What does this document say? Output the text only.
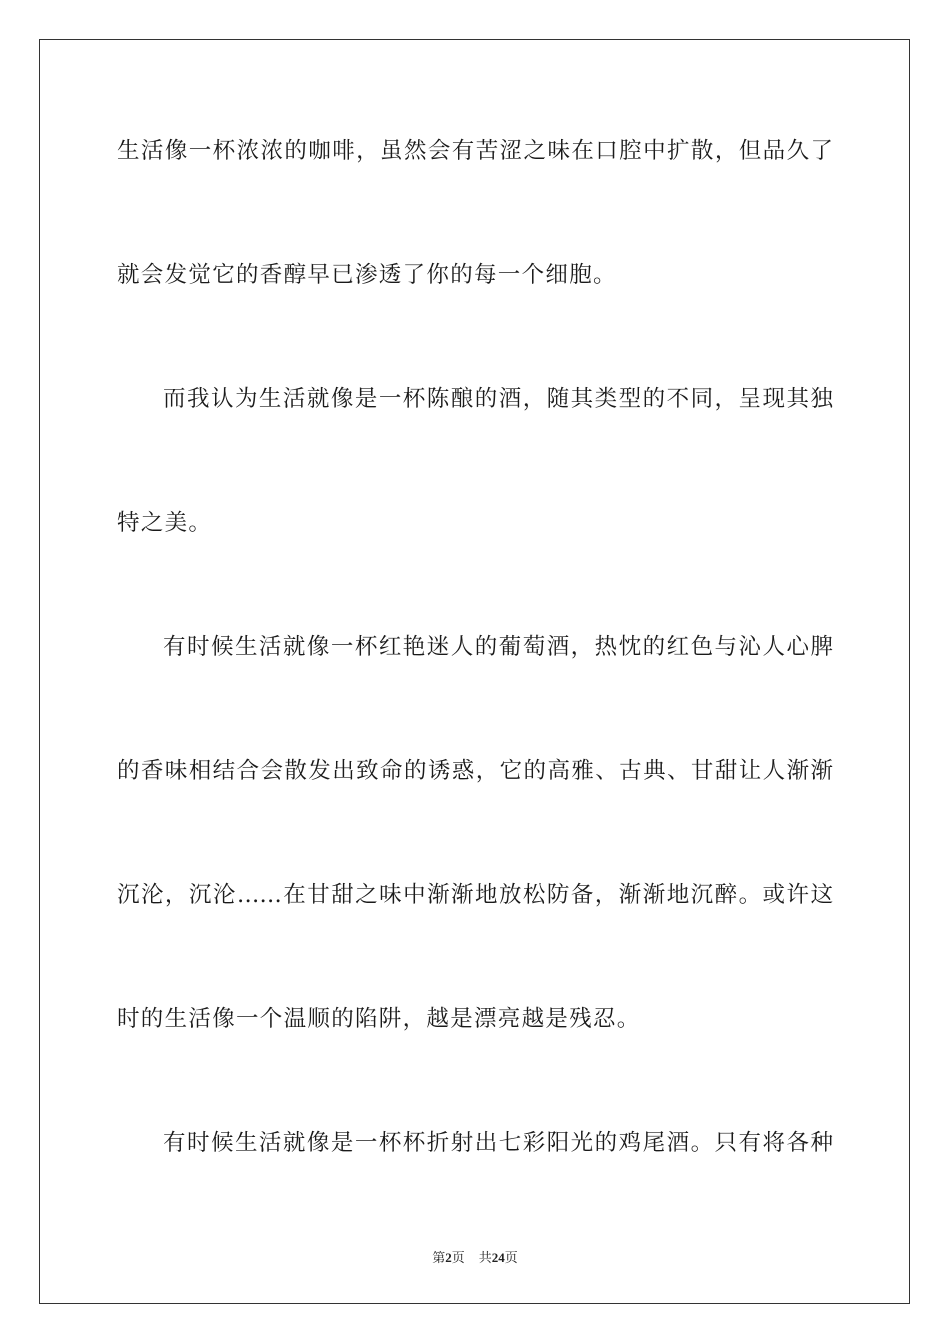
生活像一杯浓浓的咖啡，虽然会有苦涩之味在口腔中扩散，但品久了

就会发觉它的香醇早已渗透了你的每一个细胞。

而我认为生活就像是一杯陈酿的酒，随其类型的不同，呈现其独

特之美。

有时候生活就像一杯红艳迷人的葡萄酒，热忱的红色与沁人心脾

的香味相结合会散发出致命的诱惑，它的高雅、古典、甘甜让人渐渐

沉沦，沉沦……在甘甜之味中渐渐地放松防备，渐渐地沉醉。或许这

时的生活像一个温顺的陷阱，越是漂亮越是残忍。

有时候生活就像是一杯杯折射出七彩阳光的鸡尾酒。只有将各种

第2页 共24页
